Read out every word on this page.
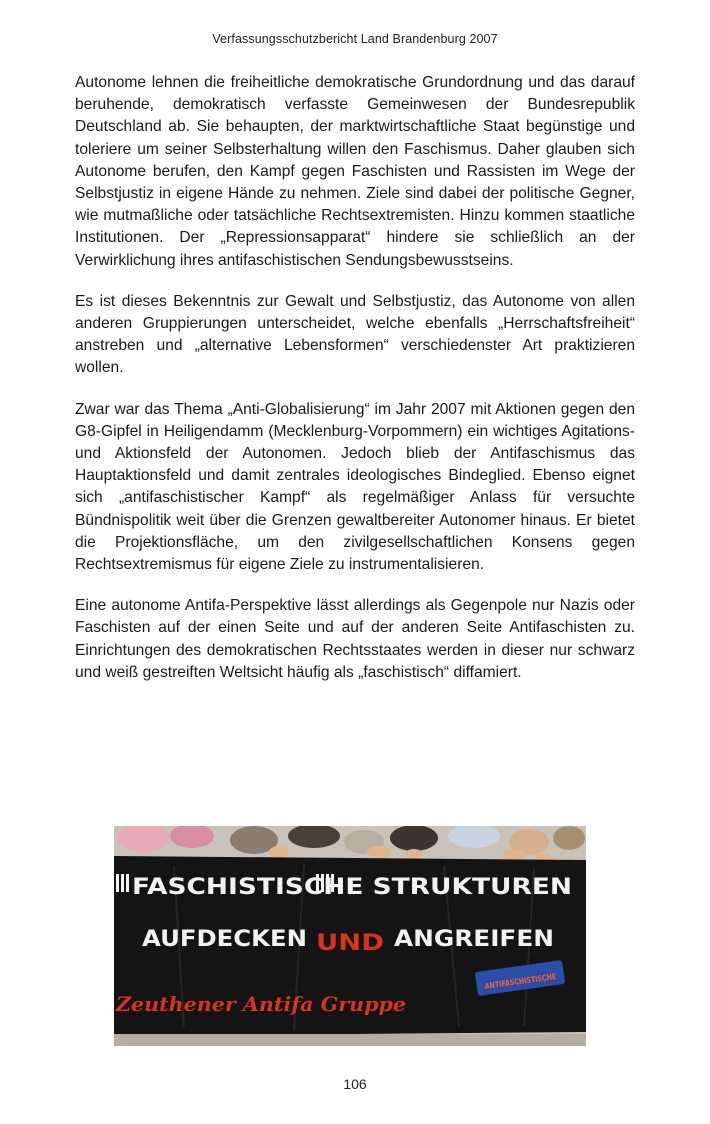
Verfassungsschutzbericht Land Brandenburg 2007

Autonome lehnen die freiheitliche demokratische Grundordnung und das darauf beruhende, demokratisch verfasste Gemeinwesen der Bundesrepublik Deutschland ab. Sie behaupten, der marktwirtschaftliche Staat begünstige und toleriere um seiner Selbsterhaltung willen den Faschismus. Daher glauben sich Autonome berufen, den Kampf gegen Faschisten und Rassisten im Wege der Selbstjustiz in eigene Hände zu nehmen. Ziele sind dabei der politische Gegner, wie mutmaßliche oder tatsächliche Rechtsextremisten. Hinzu kommen staatliche Institutionen. Der „Repressionsapparat“ hindere sie schließlich an der Verwirklichung ihres antifaschistischen Sendungsbewusstseins.

Es ist dieses Bekenntnis zur Gewalt und Selbstjustiz, das Autonome von allen anderen Gruppierungen unterscheidet, welche ebenfalls „Herrschaftsfreiheit“ anstreben und „alternative Lebensformen“ verschiedenster Art praktizieren wollen.

Zwar war das Thema „Anti-Globalisierung“ im Jahr 2007 mit Aktionen gegen den G8-Gipfel in Heiligendamm (Mecklenburg-Vorpommern) ein wichtiges Agitations- und Aktionsfeld der Autonomen. Jedoch blieb der Antifaschismus das Hauptaktionsfeld und damit zentrales ideologisches Bindeglied. Ebenso eignet sich „antifaschistischer Kampf“ als regelmäßiger Anlass für versuchte Bündnispolitik weit über die Grenzen gewaltbereiter Autonomer hinaus. Er bietet die Projektionsfläche, um den zivilgesellschaftlichen Konsens gegen Rechtsextremismus für eigene Ziele zu instrumentalisieren.

Eine autonome Antifa-Perspektive lässt allerdings als Gegenpole nur Nazis oder Faschisten auf der einen Seite und auf der anderen Seite Antifaschisten zu. Einrichtungen des demokratischen Rechtsstaates werden in dieser nur schwarz und weiß gestreiften Weltsicht häufig als „faschistisch“ diffamiert.

FASCHISTISCHE STRUKTUREN
AUFDECKEN UND ANGREIFEN
ANTIFASCHISTISCHE
Zeuthener Antifa Gruppe
106
